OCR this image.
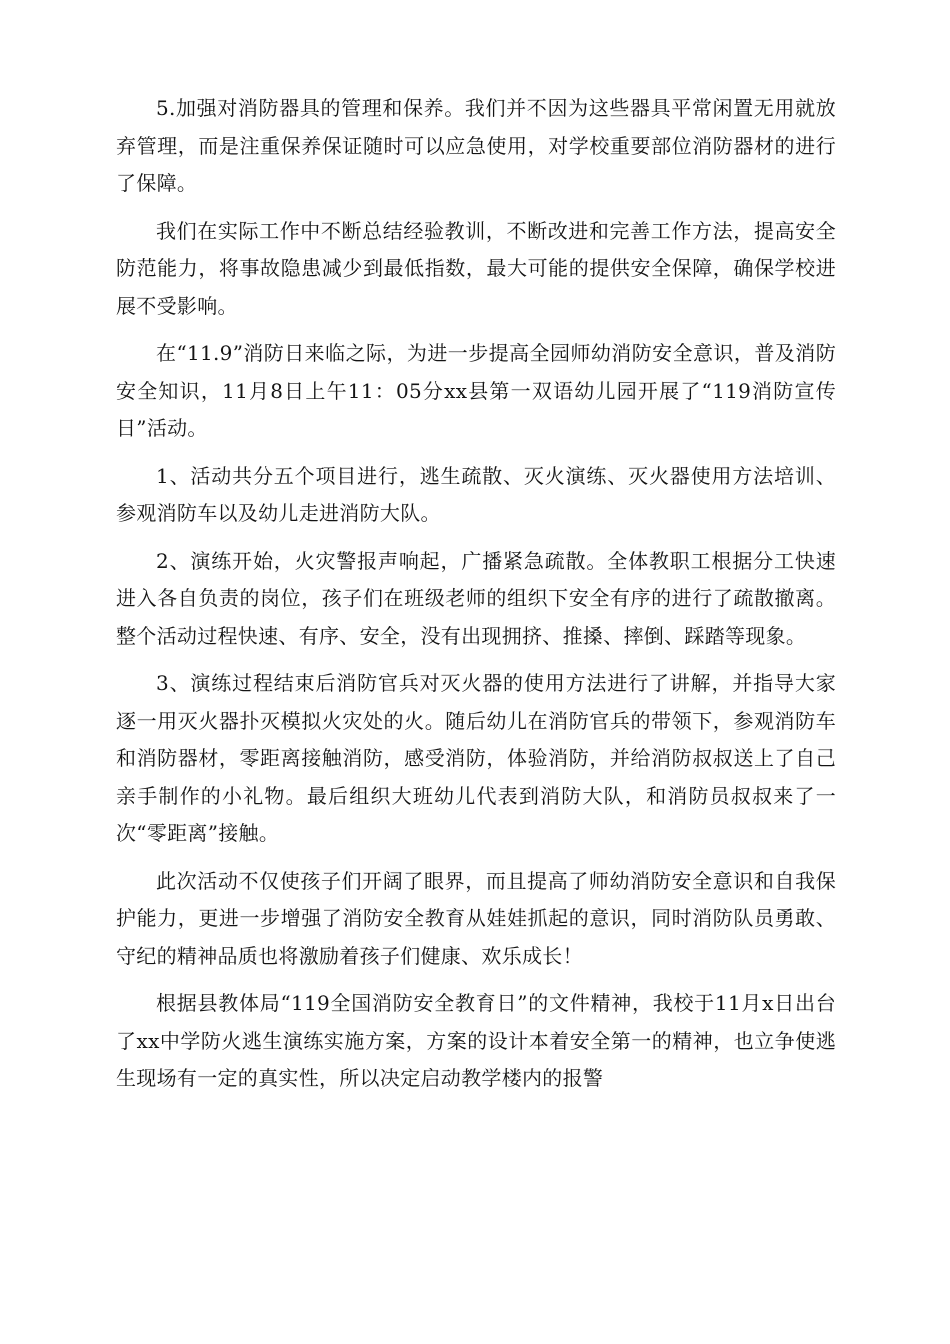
5.加强对消防器具的管理和保养。我们并不因为这些器具平常闲置无用就放弃管理，而是注重保养保证随时可以应急使用，对学校重要部位消防器材的进行了保障。

我们在实际工作中不断总结经验教训，不断改进和完善工作方法，提高安全防范能力，将事故隐患减少到最低指数，最大可能的提供安全保障，确保学校进展不受影响。

在“11.9”消防日来临之际，为进一步提高全园师幼消防安全意识，普及消防安全知识，11月8日上午11：05分xx县第一双语幼儿园开展了“119消防宣传日”活动。

1、活动共分五个项目进行，逃生疏散、灭火演练、灭火器使用方法培训、参观消防车以及幼儿走进消防大队。

2、演练开始，火灾警报声响起，广播紧急疏散。全体教职工根据分工快速进入各自负责的岗位，孩子们在班级老师的组织下安全有序的进行了疏散撤离。整个活动过程快速、有序、安全，没有出现拥挤、推搡、摔倒、踩踏等现象。

3、演练过程结束后消防官兵对灭火器的使用方法进行了讲解，并指导大家逐一用灭火器扑灭模拟火灾处的火。随后幼儿在消防官兵的带领下，参观消防车和消防器材，零距离接触消防，感受消防，体验消防，并给消防叔叔送上了自己亲手制作的小礼物。最后组织大班幼儿代表到消防大队，和消防员叔叔来了一次“零距离”接触。

此次活动不仅使孩子们开阔了眼界，而且提高了师幼消防安全意识和自我保护能力，更进一步增强了消防安全教育从娃娃抓起的意识，同时消防队员勇敢、守纪的精神品质也将激励着孩子们健康、欢乐成长！

根据县教体局“119全国消防安全教育日”的文件精神，我校于11月x日出台了xx中学防火逃生演练实施方案，方案的设计本着安全第一的精神，也立争使逃生现场有一定的真实性，所以决定启动教学楼内的报警
